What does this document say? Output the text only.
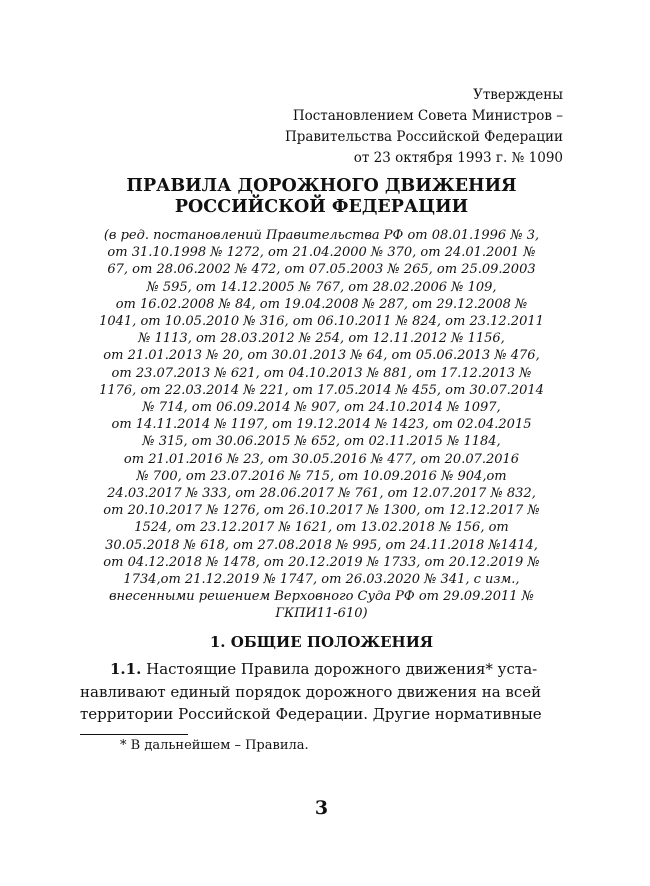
Утверждены
Постановлением Совета Министров –
Правительства Российской Федерации
от 23 октября 1993 г. № 1090
ПРАВИЛА ДОРОЖНОГО ДВИЖЕНИЯ
РОССИЙСКОЙ ФЕДЕРАЦИИ
(в ред. постановлений Правительства РФ от 08.01.1996 № 3,
от 31.10.1998 № 1272, от 21.04.2000 № 370, от 24.01.2001 №
67, от 28.06.2002 № 472, от 07.05.2003 № 265, от 25.09.2003
№ 595, от 14.12.2005 № 767, от 28.02.2006 № 109,
от 16.02.2008 № 84, от 19.04.2008 № 287, от 29.12.2008 №
1041, от 10.05.2010 № 316, от 06.10.2011 № 824, от 23.12.2011
№ 1113, от 28.03.2012 № 254, от 12.11.2012 № 1156,
от 21.01.2013 № 20, от 30.01.2013 № 64, от 05.06.2013 № 476,
от 23.07.2013 № 621, от 04.10.2013 № 881, от 17.12.2013 №
1176, от 22.03.2014 № 221, от 17.05.2014 № 455, от 30.07.2014
№ 714, от 06.09.2014 № 907, от 24.10.2014 № 1097,
от 14.11.2014 № 1197, от 19.12.2014 № 1423, от 02.04.2015
№ 315, от 30.06.2015 № 652, от 02.11.2015 № 1184,
от 21.01.2016 № 23, от 30.05.2016 № 477, от 20.07.2016
№ 700, от 23.07.2016 № 715, от 10.09.2016 № 904,от
24.03.2017 № 333, от 28.06.2017 № 761, от 12.07.2017 № 832,
от 20.10.2017 № 1276, от 26.10.2017 № 1300, от 12.12.2017 №
1524, от 23.12.2017 № 1621, от 13.02.2018 № 156, от
30.05.2018 № 618, от 27.08.2018 № 995, от 24.11.2018 №1414,
от 04.12.2018 № 1478, от 20.12.2019 № 1733, от 20.12.2019 №
1734,от 21.12.2019 № 1747, от 26.03.2020 № 341, с изм.,
внесенными решением Верховного Суда РФ от 29.09.2011 №
ГКПИ11-610)
1. ОБЩИЕ ПОЛОЖЕНИЯ
1.1. Настоящие Правила дорожного движения* уста-
навливают единый порядок дорожного движения на всей
территории Российской Федерации. Другие нормативные
* В дальнейшем – Правила.
3
